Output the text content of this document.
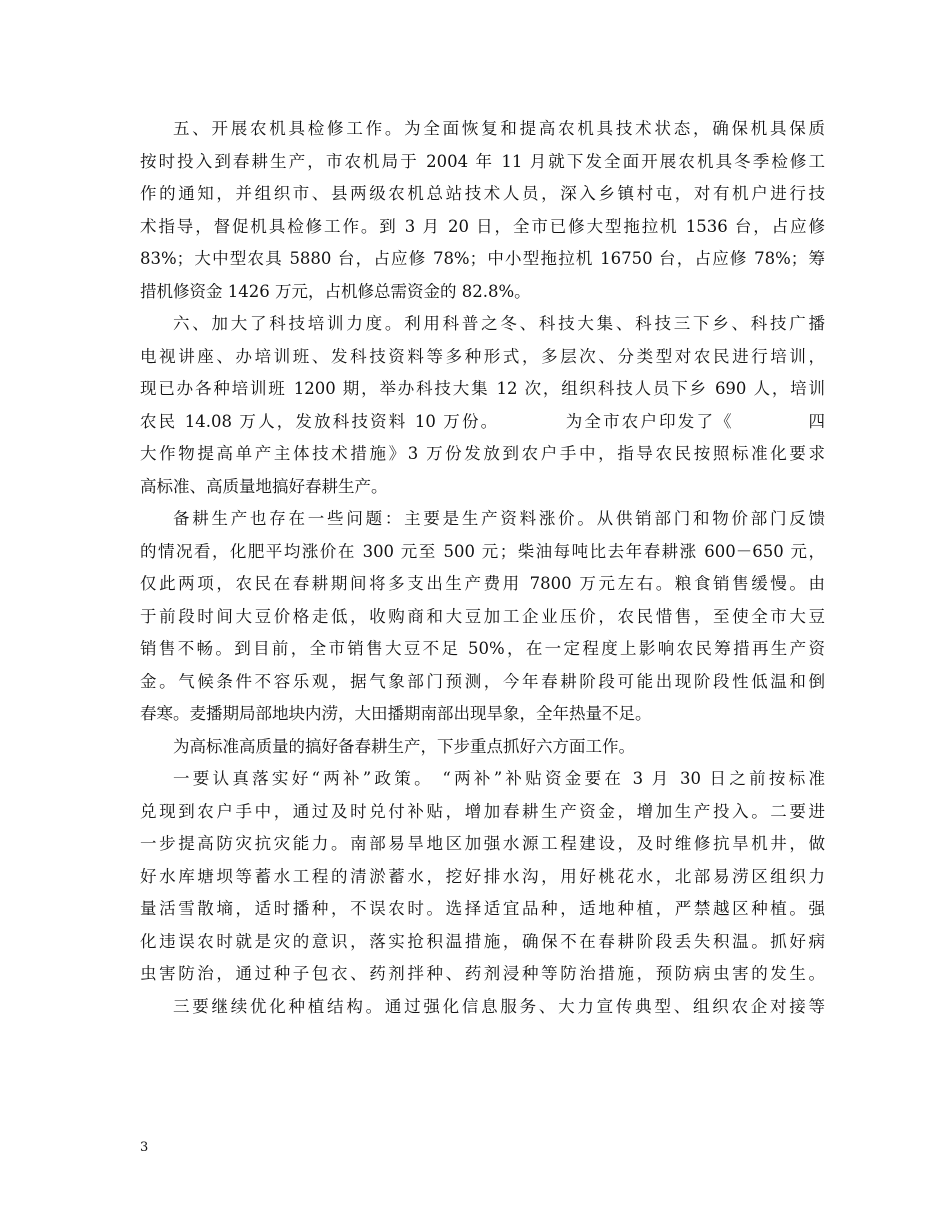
五、开展农机具检修工作。为全面恢复和提高农机具技术状态，确保机具保质
按时投入到春耕生产，市农机局于 2004 年 11 月就下发全面开展农机具冬季检修工
作的通知，并组织市、县两级农机总站技术人员，深入乡镇村屯，对有机户进行技
术指导，督促机具检修工作。到 3 月 20 日，全市已修大型拖拉机 1536 台，占应修
83%；大中型农具 5880 台，占应修 78%；中小型拖拉机 16750 台，占应修 78%；筹
措机修资金 1426 万元，占机修总需资金的 82.8%。
六、加大了科技培训力度。利用科普之冬、科技大集、科技三下乡、科技广播
电视讲座、办培训班、发科技资料等多种形式，多层次、分类型对农民进行培训，
现已办各种培训班 1200 期，举办科技大集 12 次，组织科技人员下乡 690 人，培训
农民 14.08 万人，发放科技资料 10 万份。　　　　为全市农户印发了《　　　　四
大作物提高单产主体技术措施》3 万份发放到农户手中，指导农民按照标准化要求
高标准、高质量地搞好春耕生产。
备耕生产也存在一些问题：主要是生产资料涨价。从供销部门和物价部门反馈
的情况看，化肥平均涨价在 300 元至 500 元；柴油每吨比去年春耕涨 600－650 元，
仅此两项，农民在春耕期间将多支出生产费用 7800 万元左右。粮食销售缓慢。由
于前段时间大豆价格走低，收购商和大豆加工企业压价，农民惜售，至使全市大豆
销售不畅。到目前，全市销售大豆不足 50%，在一定程度上影响农民筹措再生产资
金。气候条件不容乐观，据气象部门预测，今年春耕阶段可能出现阶段性低温和倒
春寒。麦播期局部地块内涝，大田播期南部出现旱象，全年热量不足。
为高标准高质量的搞好备春耕生产，下步重点抓好六方面工作。
一要认真落实好“两补”政策。 “两补”补贴资金要在 3 月 30 日之前按标准
兑现到农户手中，通过及时兑付补贴，增加春耕生产资金，增加生产投入。二要进
一步提高防灾抗灾能力。南部易旱地区加强水源工程建设，及时维修抗旱机井，做
好水库塘坝等蓄水工程的清淤蓄水，挖好排水沟，用好桃花水，北部易涝区组织力
量活雪散墒，适时播种，不误农时。选择适宜品种，适地种植，严禁越区种植。强
化违误农时就是灾的意识，落实抢积温措施，确保不在春耕阶段丢失积温。抓好病
虫害防治，通过种子包衣、药剂拌种、药剂浸种等防治措施，预防病虫害的发生。
三要继续优化种植结构。通过强化信息服务、大力宣传典型、组织农企对接等
3
